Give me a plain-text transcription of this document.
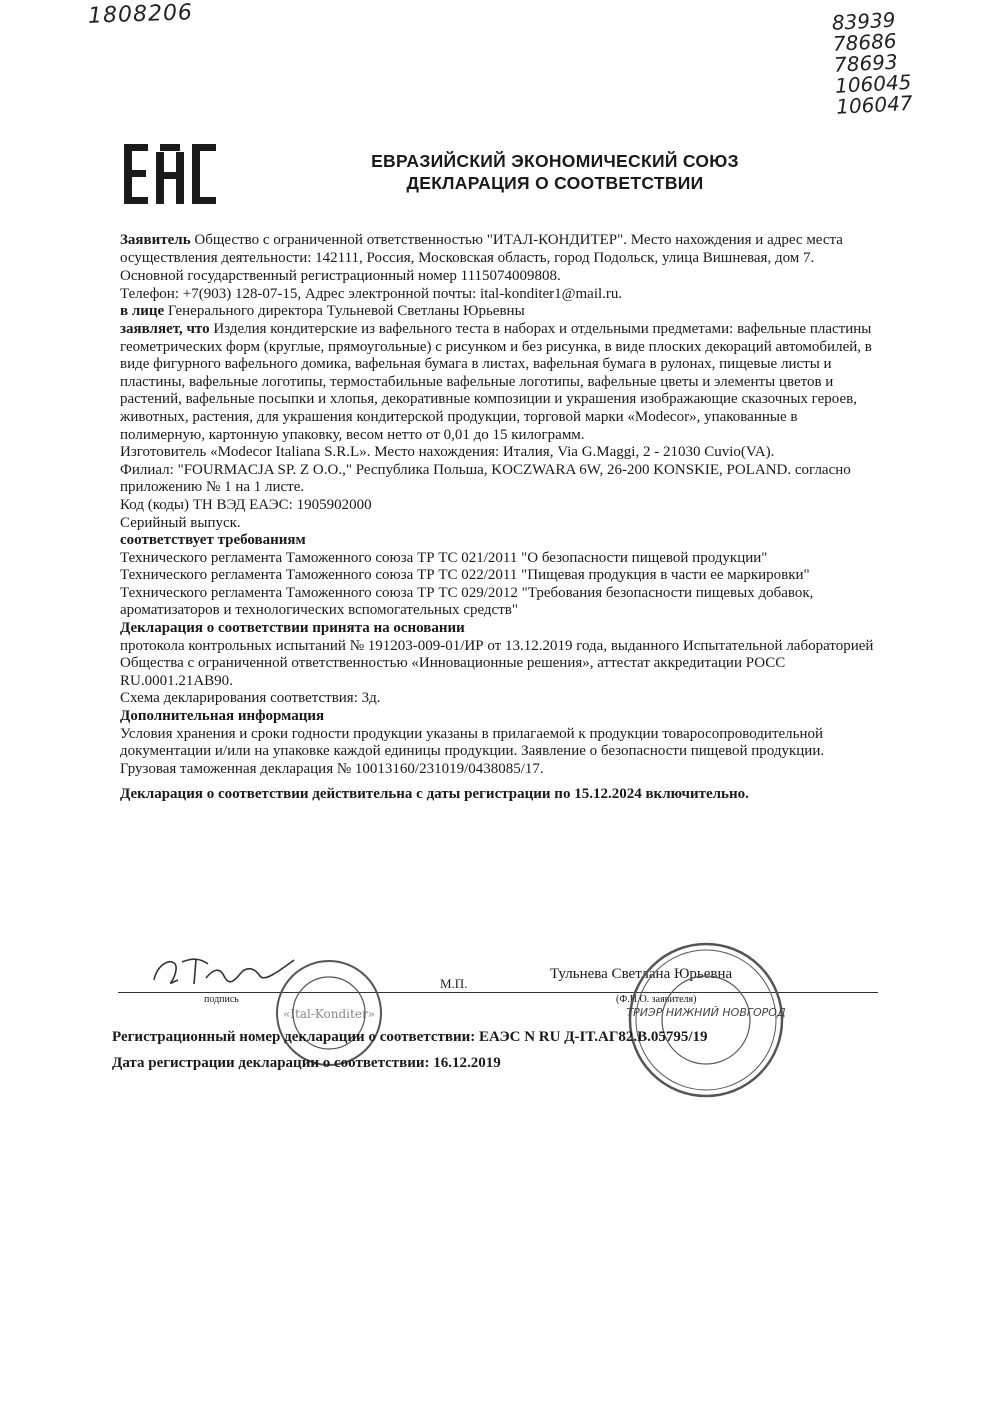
1808206	83939
78686
78693
106045
106047
ЕВРАЗИЙСКИЙ ЭКОНОМИЧЕСКИЙ СОЮЗ
ДЕКЛАРАЦИЯ О СООТВЕТСТВИИ

Заявитель Общество с ограниченной ответственностью "ИТАЛ-КОНДИТЕР". Место нахождения и адрес места осуществления деятельности: 142111, Россия, Московская область, город Подольск, улица Вишневая, дом 7.

Основной государственный регистрационный номер 1115074009808.

Телефон: +7(903) 128-07-15, Адрес электронной почты: ital-konditer1@mail.ru.

в лице Генерального директора Тульневой Светланы Юрьевны

заявляет, что Изделия кондитерские из вафельного теста в наборах и отдельными предметами: вафельные пластины геометрических форм (круглые, прямоугольные) с рисунком и без рисунка, в виде плоских декораций автомобилей, в виде фигурного вафельного домика, вафельная бумага в листах, вафельная бумага в рулонах, пищевые листы и пластины, вафельные логотипы, термостабильные вафельные логотипы, вафельные цветы и элементы цветов и растений, вафельные посыпки и хлопья, декоративные композиции и украшения изображающие сказочных героев, животных, растения, для украшения кондитерской продукции, торговой марки «Modecor», упакованные в полимерную, картонную упаковку, весом нетто от 0,01 до 15 килограмм.

Изготовитель «Modecor Italiana S.R.L». Место нахождения: Италия, Via G.Maggi, 2 - 21030 Cuvio(VA).

Филиал: "FOURMACJA SP. Z O.O.," Республика Польша, KOCZWARA 6W, 26-200 KONSKIE, POLAND. согласно приложению № 1 на 1 листе.

Код (коды) ТН ВЭД ЕАЭС: 1905902000

Серийный выпуск.

соответствует требованиям

Технического регламента Таможенного союза ТР ТС 021/2011 "О безопасности пищевой продукции"

Технического регламента Таможенного союза ТР ТС 022/2011 "Пищевая продукция в части ее маркировки"

Технического регламента Таможенного союза ТР ТС 029/2012 "Требования безопасности пищевых добавок, ароматизаторов и технологических вспомогательных средств"

Декларация о соответствии принята на основании

протокола контрольных испытаний № 191203-009-01/ИР от 13.12.2019 года, выданного Испытательной лабораторией Общества с ограниченной ответственностью «Инновационные решения», аттестат аккредитации РОСС RU.0001.21АВ90.

Схема декларирования соответствия: 3д.

Дополнительная информация

Условия хранения и сроки годности продукции указаны в прилагаемой к продукции товаросопроводительной документации и/или на упаковке каждой единицы продукции. Заявление о безопасности пищевой продукции. Грузовая таможенная декларация № 10013160/231019/0438085/17.

Декларация о соответствии действительна с даты регистрации по 15.12.2024 включительно.

М.П.
Тульнева Светлана Юрьевна
подпись	(Ф.И.О. заявителя)
«Ital-Konditer»	ТРИЭР НИЖНИЙ НОВГОРОД

Регистрационный номер декларации о соответствии: ЕАЭС N RU Д-IT.АГ82.В.05795/19

Дата регистрации декларации о соответствии: 16.12.2019
